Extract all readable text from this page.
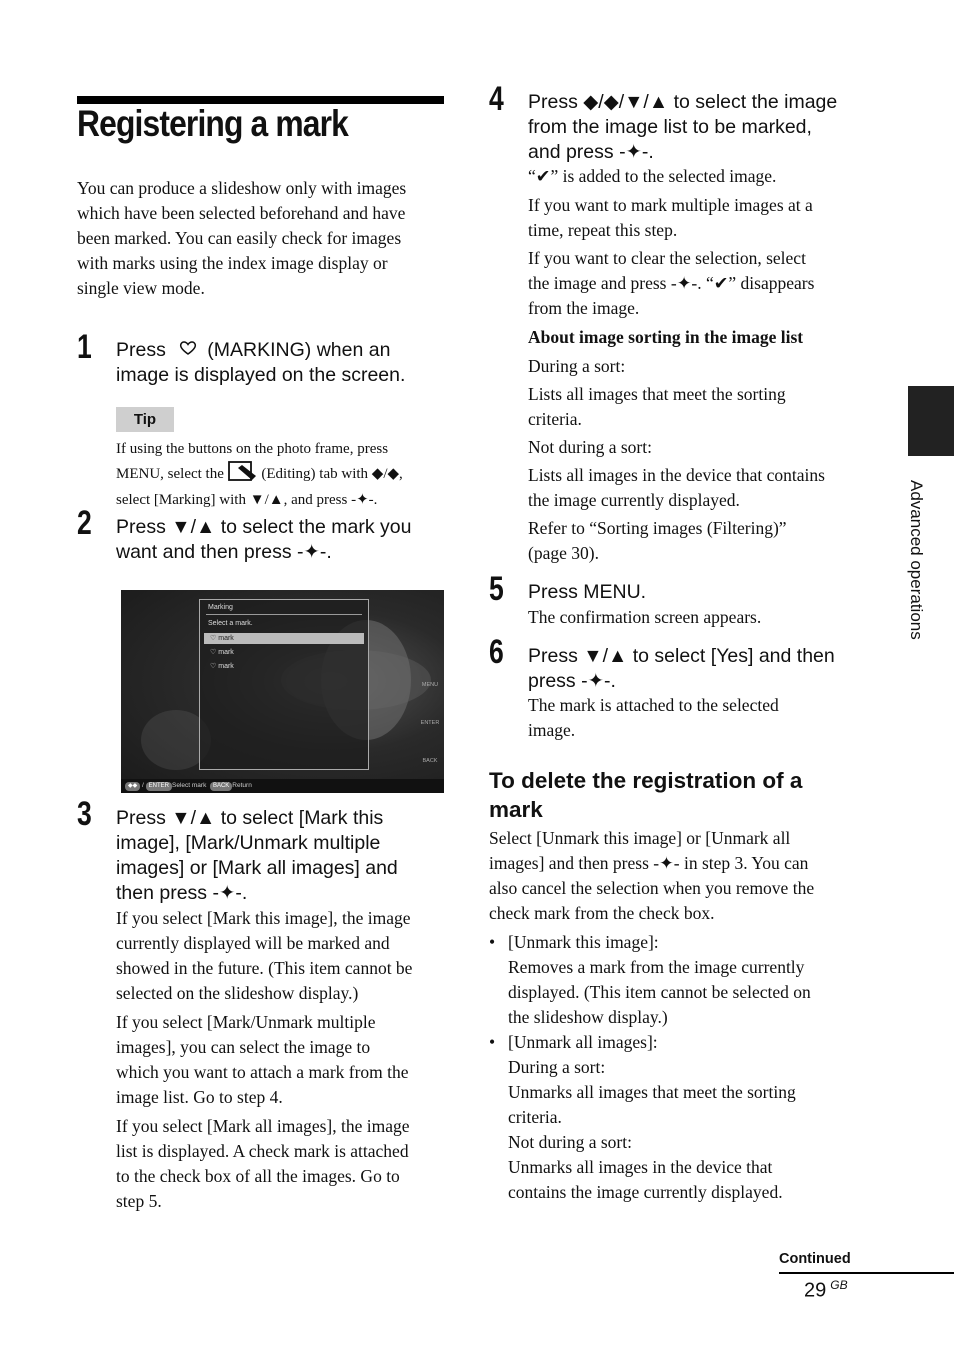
Registering a mark
You can produce a slideshow only with images
which have been selected beforehand and have
been marked. You can easily check for images
with marks using the index image display or
single view mode.
1 Press (MARKING) when an
image is displayed on the screen.
Tip
If using the buttons on the photo frame, press
MENU, select the	(Editing) tab with ◆/◆,
select [Marking] with ▼/▲, and press -✦-.
2 Press ▼/▲ to select the mark you
want and then press -✦-.
Marking
Select a mark.
♡ mark
♡ mark
♡ mark
MENU
ENTER
BACK
◆◆ / ENTER Select mark BACK Return
3 Press ▼/▲ to select [Mark this
image], [Mark/Unmark multiple
images] or [Mark all images] and
then press -✦-.
If you select [Mark this image], the image
currently displayed will be marked and
showed in the future. (This item cannot be
selected on the slideshow display.)
If you select [Mark/Unmark multiple
images], you can select the image to
which you want to attach a mark from the
image list. Go to step 4.
If you select [Mark all images], the image
list is displayed. A check mark is attached
to the check box of all the images. Go to
step 5.
4 Press ◆/◆/▼/▲ to select the image
from the image list to be marked,
and press -✦-.
“✔” is added to the selected image.
If you want to mark multiple images at a
time, repeat this step.
If you want to clear the selection, select
the image and press -✦-. “✔” disappears
from the image.
About image sorting in the image list
During a sort:
Lists all images that meet the sorting
criteria.
Not during a sort:
Lists all images in the device that contains
the image currently displayed.
Refer to “Sorting images (Filtering)”
(page 30).
5 Press MENU.
The confirmation screen appears.
6 Press ▼/▲ to select [Yes] and then
press -✦-.
The mark is attached to the selected
image.
To delete the registration of a
mark
Select [Unmark this image] or [Unmark all
images] and then press -✦- in step 3. You can
also cancel the selection when you remove the
check mark from the check box.
• [Unmark this image]:
Removes a mark from the image currently
displayed. (This item cannot be selected on
the slideshow display.)
• [Unmark all images]:
During a sort:
Unmarks all images that meet the sorting
criteria.
Not during a sort:
Unmarks all images in the device that
contains the image currently displayed.
Advanced operations
Continued
29 $^{GB}$
